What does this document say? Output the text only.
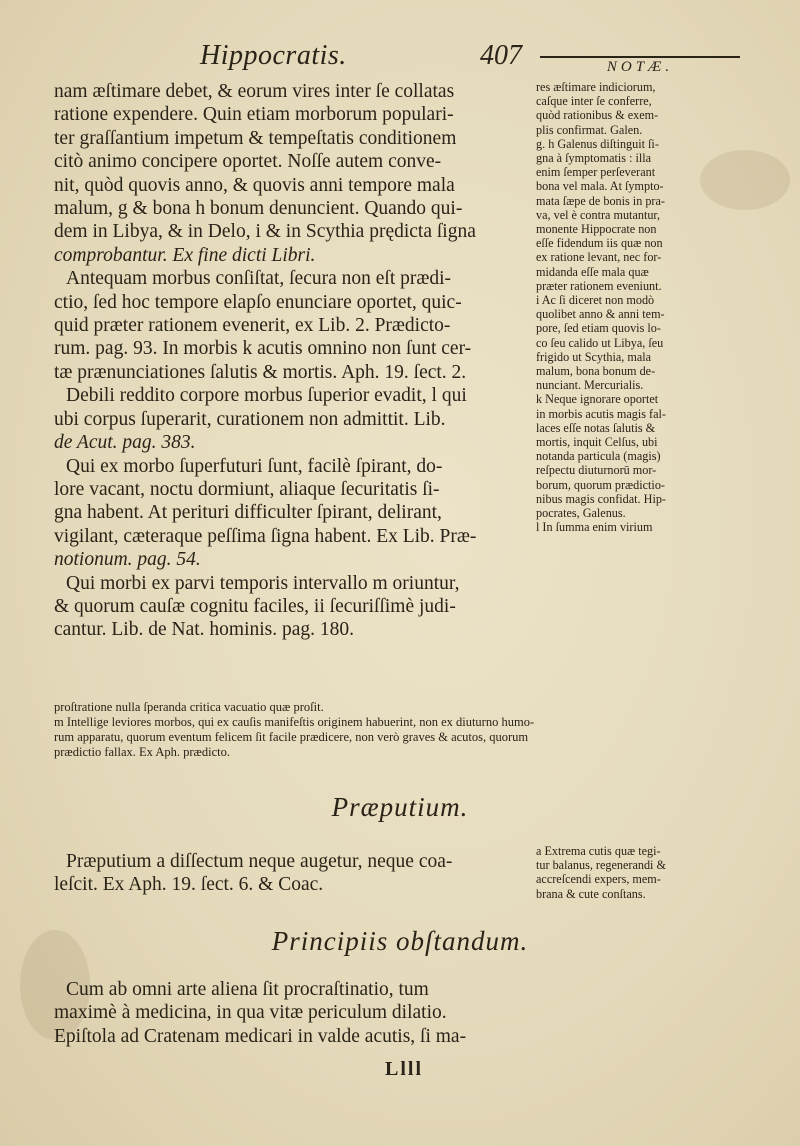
Hippocratis.	407	NOTÆ.
nam æſtimare debet, & eorum vires inter ſe collatas
ratione expendere. Quin etiam morborum populari-
ter graſſantium impetum & tempeſtatis conditionem
citò animo concipere oportet. Noſſe autem conve-
nit, quòd quovis anno, & quovis anni tempore mala
malum, g & bona h bonum denuncient. Quando qui-
dem in Libya, & in Delo, i & in Scythia prędicta ſigna
comprobantur. Ex fine dicti Libri.
Antequam morbus conſiſtat, ſecura non eſt prædi-
ctio, ſed hoc tempore elapſo enunciare oportet, quic-
quid præter rationem evenerit, ex Lib. 2. Prædicto-
rum. pag. 93. In morbis k acutis omnino non ſunt cer-
tæ prænunciationes ſalutis & mortis. Aph. 19. ſect. 2.
Debili reddito corpore morbus ſuperior evadit, l qui
ubi corpus ſuperarit, curationem non admittit. Lib.
de Acut. pag. 383.
Qui ex morbo ſuperfuturi ſunt, facilè ſpirant, do-
lore vacant, noctu dormiunt, aliaque ſecuritatis ſi-
gna habent. At perituri difficulter ſpirant, delirant,
vigilant, cæteraque peſſima ſigna habent. Ex Lib. Præ-
notionum. pag. 54.
Qui morbi ex parvi temporis intervallo m oriuntur,
& quorum cauſæ cognitu faciles, ii ſecuriſſimè judi-
cantur. Lib. de Nat. hominis. pag. 180.
res æſtimare indiciorum,
caſque inter ſe conferre,
quòd rationibus & exem-
plis confirmat. Galen.
g. h Galenus diſtinguit ſi-
gna à ſymptomatis : illa
enim ſemper perſeverant
bona vel mala. At ſympto-
mata ſæpe de bonis in pra-
va, vel è contra mutantur,
monente Hippocrate non
eſſe fidendum iis quæ non
ex ratione levant, nec for-
midanda eſſe mala quæ
præter rationem eveniunt.
i Ac ſi diceret non modò
quolibet anno & anni tem-
pore, ſed etiam quovis lo-
co ſeu calido ut Libya, ſeu
frigido ut Scythia, mala
malum, bona bonum de-
nunciant. Mercurialis.
k Neque ignorare oportet
in morbis acutis magis fal-
laces eſſe notas ſalutis &
mortis, inquit Celſus, ubi
notanda particula (magis)
reſpectu diuturnorū mor-
borum, quorum prædictio-
nibus magis confidat. Hip-
pocrates, Galenus.
l In ſumma enim virium
proſtratione nulla ſperanda critica vacuatio quæ proſit.
m Intellige leviores morbos, qui ex cauſis manifeſtis originem habuerint, non ex diuturno humo-
rum apparatu, quorum eventum felicem ſit facile prædicere, non verò graves & acutos, quorum
prædictio fallax. Ex Aph. prædicto.
Præputium.
Præputium a diſſectum neque augetur, neque coa-
leſcit. Ex Aph. 19. ſect. 6. & Coac.
a Extrema cutis quæ tegi-
tur balanus, regenerandi &
accreſcendi expers, mem-
brana & cute conſtans.
Principiis obſtandum.
Cum ab omni arte aliena ſit procraſtinatio, tum
maximè à medicina, in qua vitæ periculum dilatio.
Epiſtola ad Cratenam medicari in valde acutis, ſi ma-
Llll
